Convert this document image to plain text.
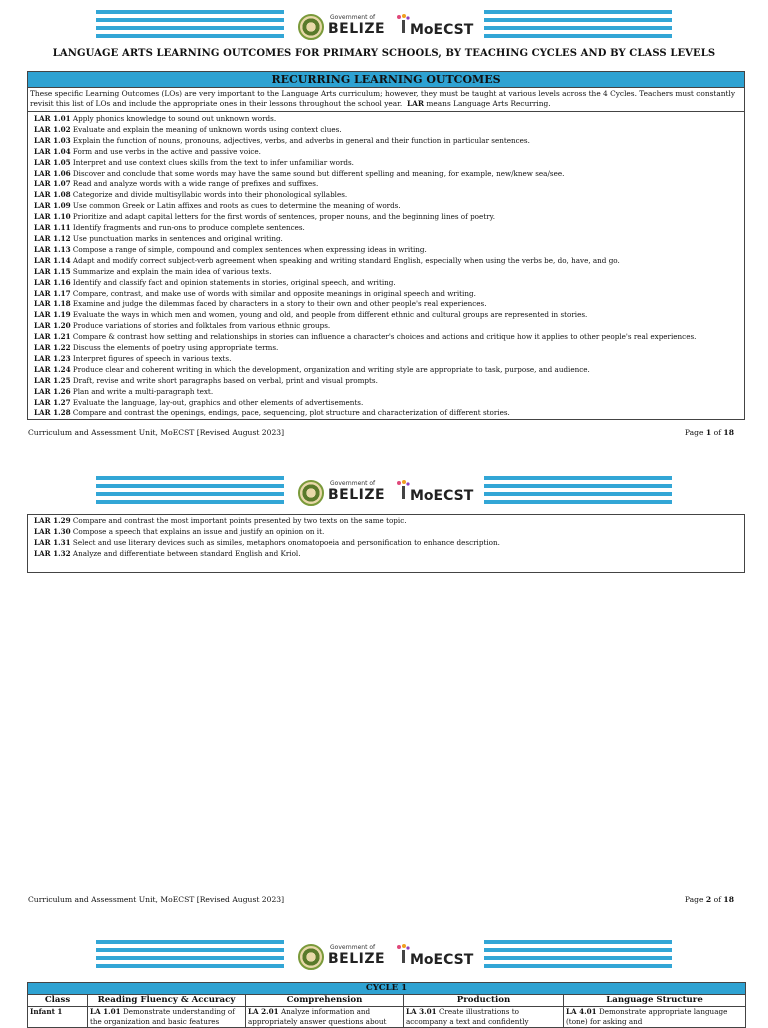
Government of
BELIZE MoECST
LANGUAGE ARTS LEARNING OUTCOMES FOR PRIMARY SCHOOLS, BY TEACHING CYCLES AND BY CLASS LEVELS
RECURRING LEARNING OUTCOMES
These specific Learning Outcomes (LOs) are very important to the Language Arts curriculum; however, they must be taught at various levels across the 4 Cycles. Teachers must constantly revisit this list of LOs and include the appropriate ones in their lessons throughout the school year. LAR means Language Arts Recurring.
LAR 1.01 Apply phonics knowledge to sound out unknown words.
LAR 1.02 Evaluate and explain the meaning of unknown words using context clues.
LAR 1.03 Explain the function of nouns, pronouns, adjectives, verbs, and adverbs in general and their function in particular sentences.
LAR 1.04 Form and use verbs in the active and passive voice.
LAR 1.05 Interpret and use context clues skills from the text to infer unfamiliar words.
LAR 1.06 Discover and conclude that some words may have the same sound but different spelling and meaning, for example, new/knew sea/see.
LAR 1.07 Read and analyze words with a wide range of prefixes and suffixes.
LAR 1.08 Categorize and divide multisyllabic words into their phonological syllables.
LAR 1.09 Use common Greek or Latin affixes and roots as cues to determine the meaning of words.
LAR 1.10 Prioritize and adapt capital letters for the first words of sentences, proper nouns, and the beginning lines of poetry.
LAR 1.11 Identify fragments and run-ons to produce complete sentences.
LAR 1.12 Use punctuation marks in sentences and original writing.
LAR 1.13 Compose a range of simple, compound and complex sentences when expressing ideas in writing.
LAR 1.14 Adapt and modify correct subject-verb agreement when speaking and writing standard English, especially when using the verbs be, do, have, and go.
LAR 1.15 Summarize and explain the main idea of various texts.
LAR 1.16 Identify and classify fact and opinion statements in stories, original speech, and writing.
LAR 1.17 Compare, contrast, and make use of words with similar and opposite meanings in original speech and writing.
LAR 1.18 Examine and judge the dilemmas faced by characters in a story to their own and other people's real experiences.
LAR 1.19 Evaluate the ways in which men and women, young and old, and people from different ethnic and cultural groups are represented in stories.
LAR 1.20 Produce variations of stories and folktales from various ethnic groups.
LAR 1.21 Compare & contrast how setting and relationships in stories can influence a character's choices and actions and critique how it applies to other people's real experiences.
LAR 1.22 Discuss the elements of poetry using appropriate terms.
LAR 1.23 Interpret figures of speech in various texts.
LAR 1.24 Produce clear and coherent writing in which the development, organization and writing style are appropriate to task, purpose, and audience.
LAR 1.25 Draft, revise and write short paragraphs based on verbal, print and visual prompts.
LAR 1.26 Plan and write a multi-paragraph text.
LAR 1.27 Evaluate the language, lay-out, graphics and other elements of advertisements.
LAR 1.28 Compare and contrast the openings, endings, pace, sequencing, plot structure and characterization of different stories.
Curriculum and Assessment Unit, MoECST [Revised August 2023]	Page 1 of 18
Government of
BELIZE MoECST
LAR 1.29 Compare and contrast the most important points presented by two texts on the same topic.
LAR 1.30 Compose a speech that explains an issue and justify an opinion on it.
LAR 1.31 Select and use literary devices such as similes, metaphors onomatopoeia and personification to enhance description.
LAR 1.32 Analyze and differentiate between standard English and Kriol.
Curriculum and Assessment Unit, MoECST [Revised August 2023]	Page 2 of 18
Government of
BELIZE MoECST
CYCLE 1				
Class	Reading Fluency & Accuracy	Comprehension	Production	Language Structure
Infant 1	LA 1.01 Demonstrate understanding of the organization and basic features	LA 2.01 Analyze information and appropriately answer questions about	LA 3.01 Create illustrations to accompany a text and confidently	LA 4.01 Demonstrate appropriate language (tone) for asking and
